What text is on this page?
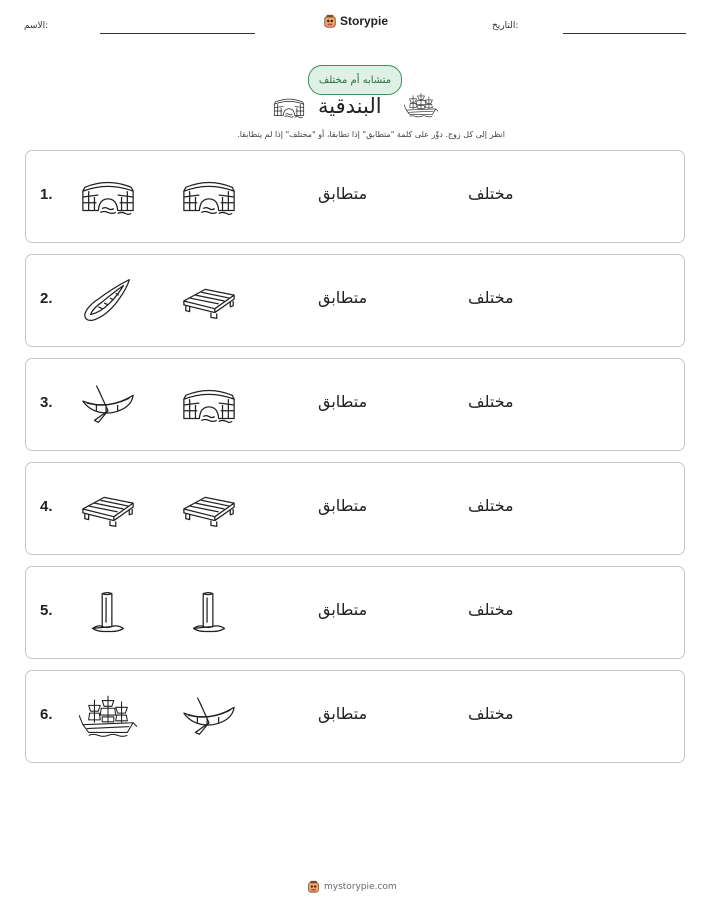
الاسم:	Storypie	التاريخ:
متشابه أم مختلف
البندقية
انظر إلى كل زوج. دوِّر على كلمة "متطابق" إذا تطابقا، أو "مختلف" إذا لم يتطابقا.
1.	متطابق	مختلف
2.	متطابق	مختلف
3.	متطابق	مختلف
4.	متطابق	مختلف
5.	متطابق	مختلف
6.	متطابق	مختلف
mystorypie.com
